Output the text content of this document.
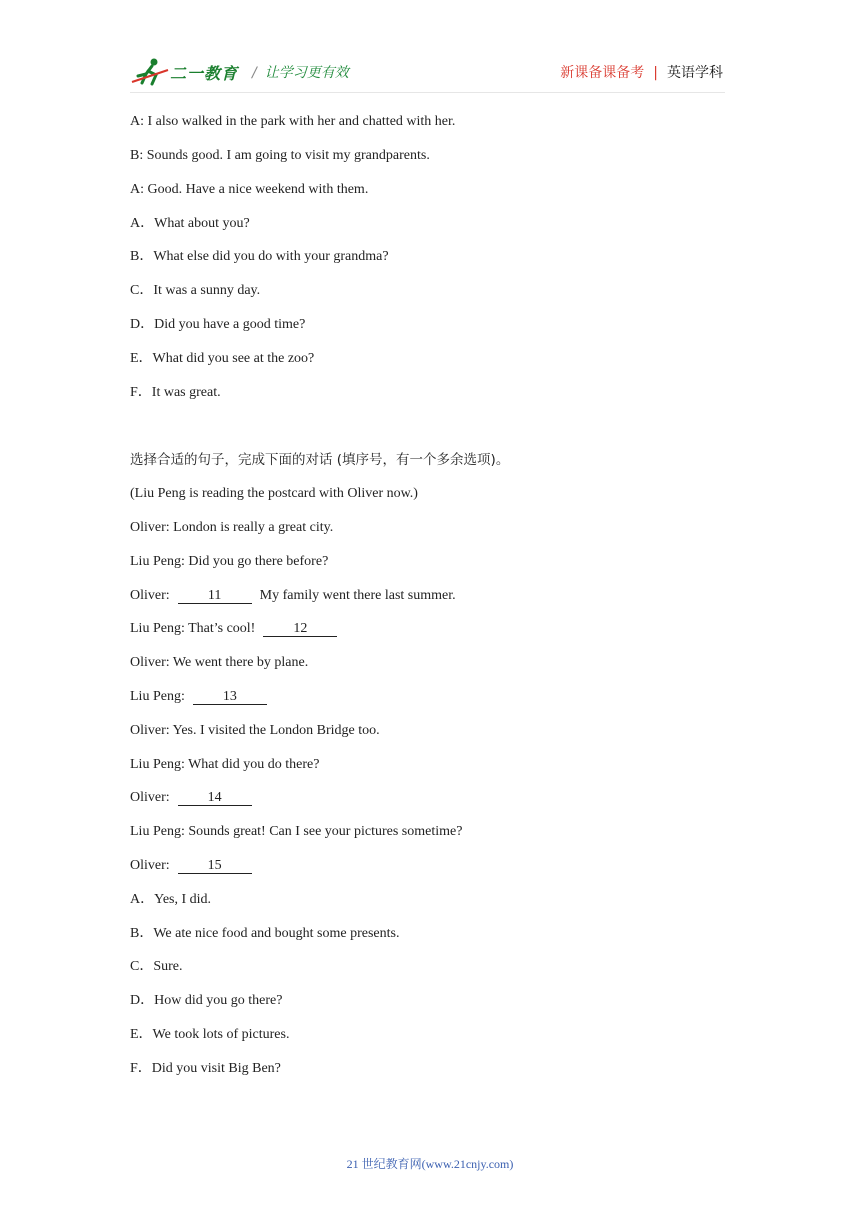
二一教育 / 让学习更有效	新课备课备考 | 英语学科
A: I also walked in the park with her and chatted with her.
B: Sounds good. I am going to visit my grandparents.
A: Good. Have a nice weekend with them.
A．What about you?
B．What else did you do with your grandma?
C．It was a sunny day.
D．Did you have a good time?
E．What did you see at the zoo?
F．It was great.
选择合适的句子，完成下面的对话 (填序号，有一个多余选项)。
(Liu Peng is reading the postcard with Oliver now.)
Oliver: London is really a great city.
Liu Peng: Did you go there before?
Oliver:	11	My family went there last summer.
Liu Peng: That’s cool!	12
Oliver: We went there by plane.
Liu Peng:	13
Oliver: Yes. I visited the London Bridge too.
Liu Peng: What did you do there?
Oliver:	14
Liu Peng: Sounds great! Can I see your pictures sometime?
Oliver:	15
A．Yes, I did.
B．We ate nice food and bought some presents.
C．Sure.
D．How did you go there?
E．We took lots of pictures.
F．Did you visit Big Ben?
21 世纪教育网(www.21cnjy.com)
